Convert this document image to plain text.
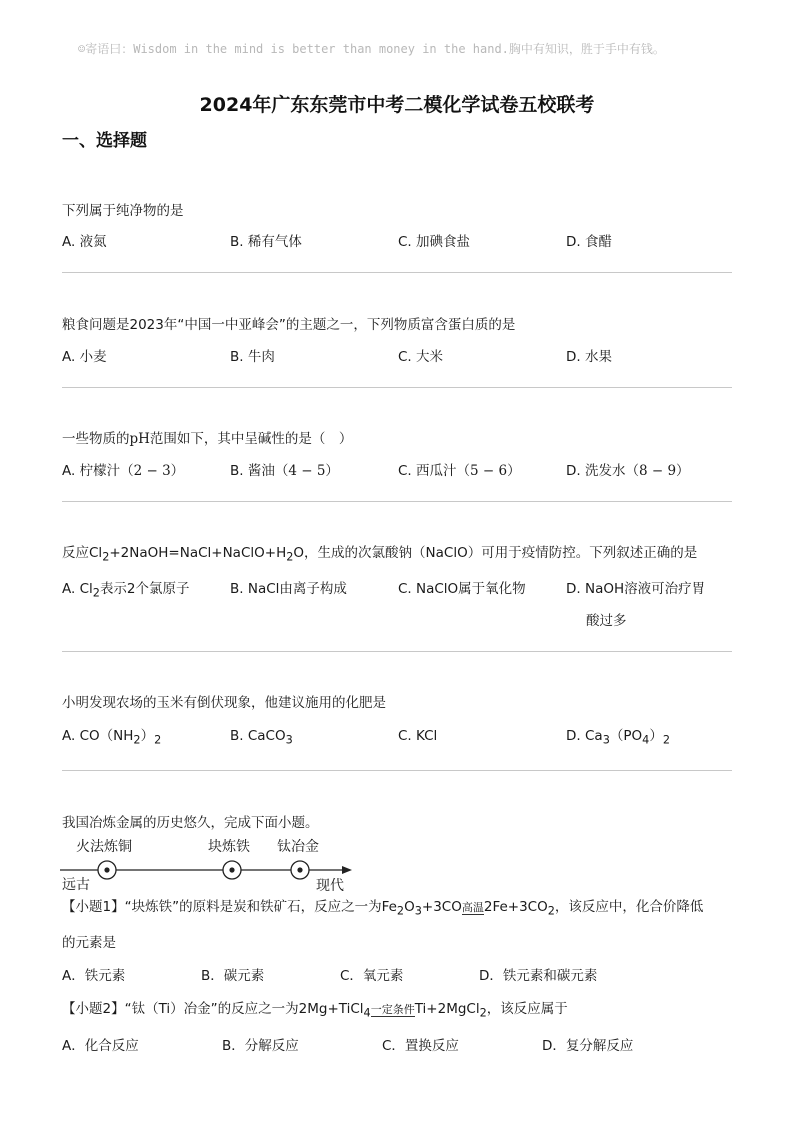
☺寄语曰：Wisdom in the mind is better than money in the hand.胸中有知识，胜于手中有钱。
2024年广东东莞市中考二模化学试卷五校联考
一、选择题
下列属于纯净物的是
A. 液氮	B. 稀有气体	C. 加碘食盐	D. 食醋
粮食问题是2023年“中国一中亚峰会”的主题之一，下列物质富含蛋白质的是
A. 小麦	B. 牛肉	C. 大米	D. 水果
一些物质的pH范围如下，其中呈碱性的是（　）
A. 柠檬汁（2 − 3）	B. 酱油（4 − 5）	C. 西瓜汁（5 − 6）	D. 洗发水（8 − 9）
反应$Cl_2+2NaOH=NaCl+NaClO+H_2O$，生成的次氯酸钠（NaClO）可用于疫情防控。下列叙述正确的是
A. $Cl_2$表示2个氯原子	B. NaCl由离子构成	C. NaClO属于氧化物	D. NaOH溶液可治疗胃
酸过多
小明发现农场的玉米有倒伏现象，他建议施用的化肥是
A. $CO(NH_2)_2$	B. CaCO$_3$	C. KCl	D. $Ca_3(PO_4)_2$
我国冶炼金属的历史悠久，完成下面小题。
火法炼铜	块炼铁 钛冶金
远古	现代
【小题1】“块炼铁”的原料是炭和铁矿石，反应之一为$Fe_2O_3+3CO$高温$2Fe+3CO_2$，该反应中，化合价降低
的元素是
A．铁元素	B．碳元素	C．氧元素	D．铁元素和碳元素
【小题2】“钛（Ti）冶金”的反应之一为2Mg+TiCl$_4$一定条件Ti+2MgCl$_2$，该反应属于
A．化合反应	B．分解反应	C．置换反应	D．复分解反应
